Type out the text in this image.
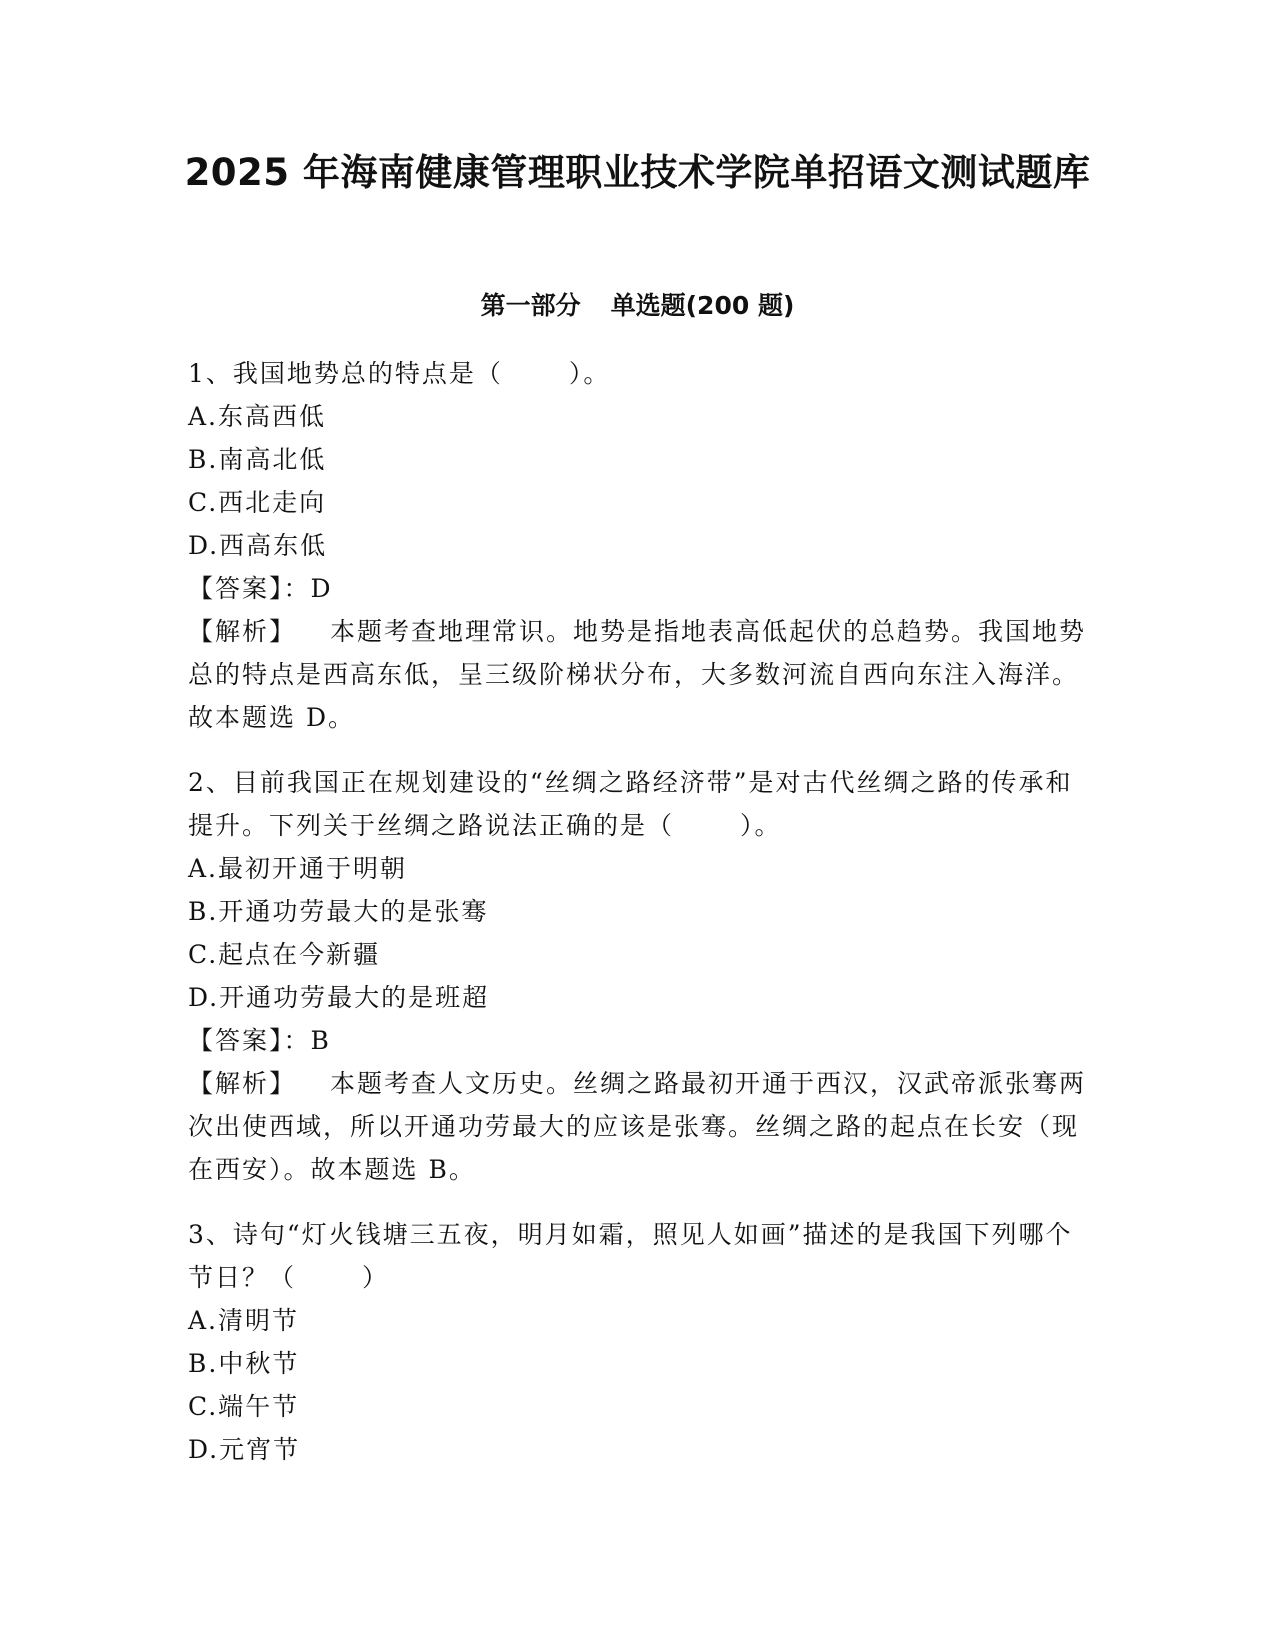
2025 年海南健康管理职业技术学院单招语文测试题库
第一部分 单选题(200 题)

1、我国地势总的特点是（	）。

A.东高西低

B.南高北低

C.西北走向

D.西高东低

【答案】：D

【解析】 本题考查地理常识。地势是指地表高低起伏的总趋势。我国地势总的特点是西高东低，呈三级阶梯状分布，大多数河流自西向东注入海洋。故本题选 D。

2、目前我国正在规划建设的“丝绸之路经济带”是对古代丝绸之路的传承和提升。下列关于丝绸之路说法正确的是（	）。

A.最初开通于明朝

B.开通功劳最大的是张骞

C.起点在今新疆

D.开通功劳最大的是班超

【答案】：B

【解析】 本题考查人文历史。丝绸之路最初开通于西汉，汉武帝派张骞两次出使西域，所以开通功劳最大的应该是张骞。丝绸之路的起点在长安（现在西安）。故本题选 B。

3、诗句“灯火钱塘三五夜，明月如霜，照见人如画”描述的是我国下列哪个节日？（	）

A.清明节

B.中秋节

C.端午节

D.元宵节
